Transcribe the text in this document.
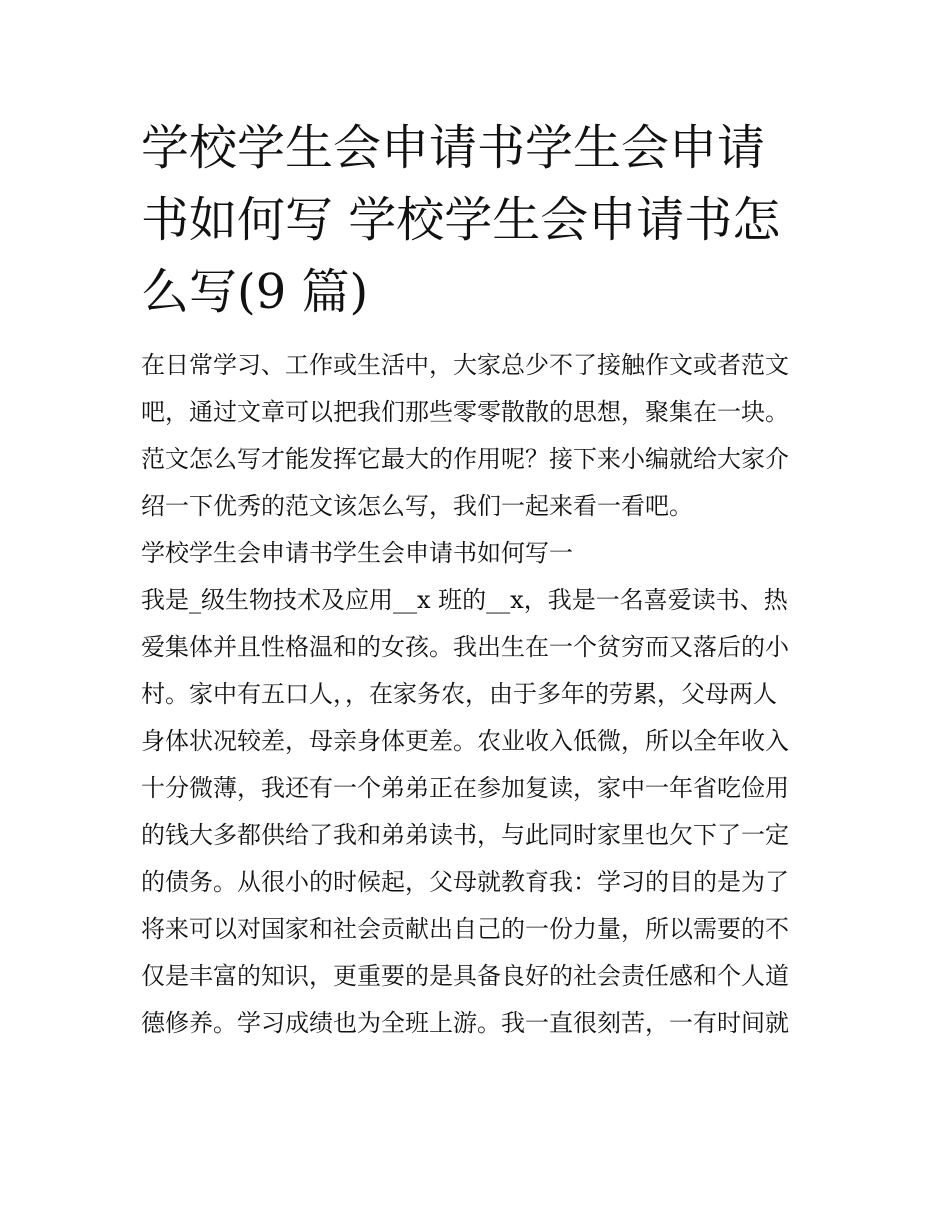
学校学生会申请书学生会申请
书如何写 学校学生会申请书怎
么写(9 篇)
在日常学习、工作或生活中，大家总少不了接触作文或者范文
吧，通过文章可以把我们那些零零散散的思想，聚集在一块。
范文怎么写才能发挥它最大的作用呢？接下来小编就给大家介
绍一下优秀的范文该怎么写，我们一起来看一看吧。
学校学生会申请书学生会申请书如何写一
我是_级生物技术及应用__x 班的__x，我是一名喜爱读书、热
爱集体并且性格温和的女孩。我出生在一个贫穷而又落后的小
村。家中有五口人，，在家务农，由于多年的劳累，父母两人
身体状况较差，母亲身体更差。农业收入低微，所以全年收入
十分微薄，我还有一个弟弟正在参加复读，家中一年省吃俭用
的钱大多都供给了我和弟弟读书，与此同时家里也欠下了一定
的债务。从很小的时候起，父母就教育我：学习的目的是为了
将来可以对国家和社会贡献出自己的一份力量，所以需要的不
仅是丰富的知识，更重要的是具备良好的社会责任感和个人道
德修养。学习成绩也为全班上游。我一直很刻苦，一有时间就
